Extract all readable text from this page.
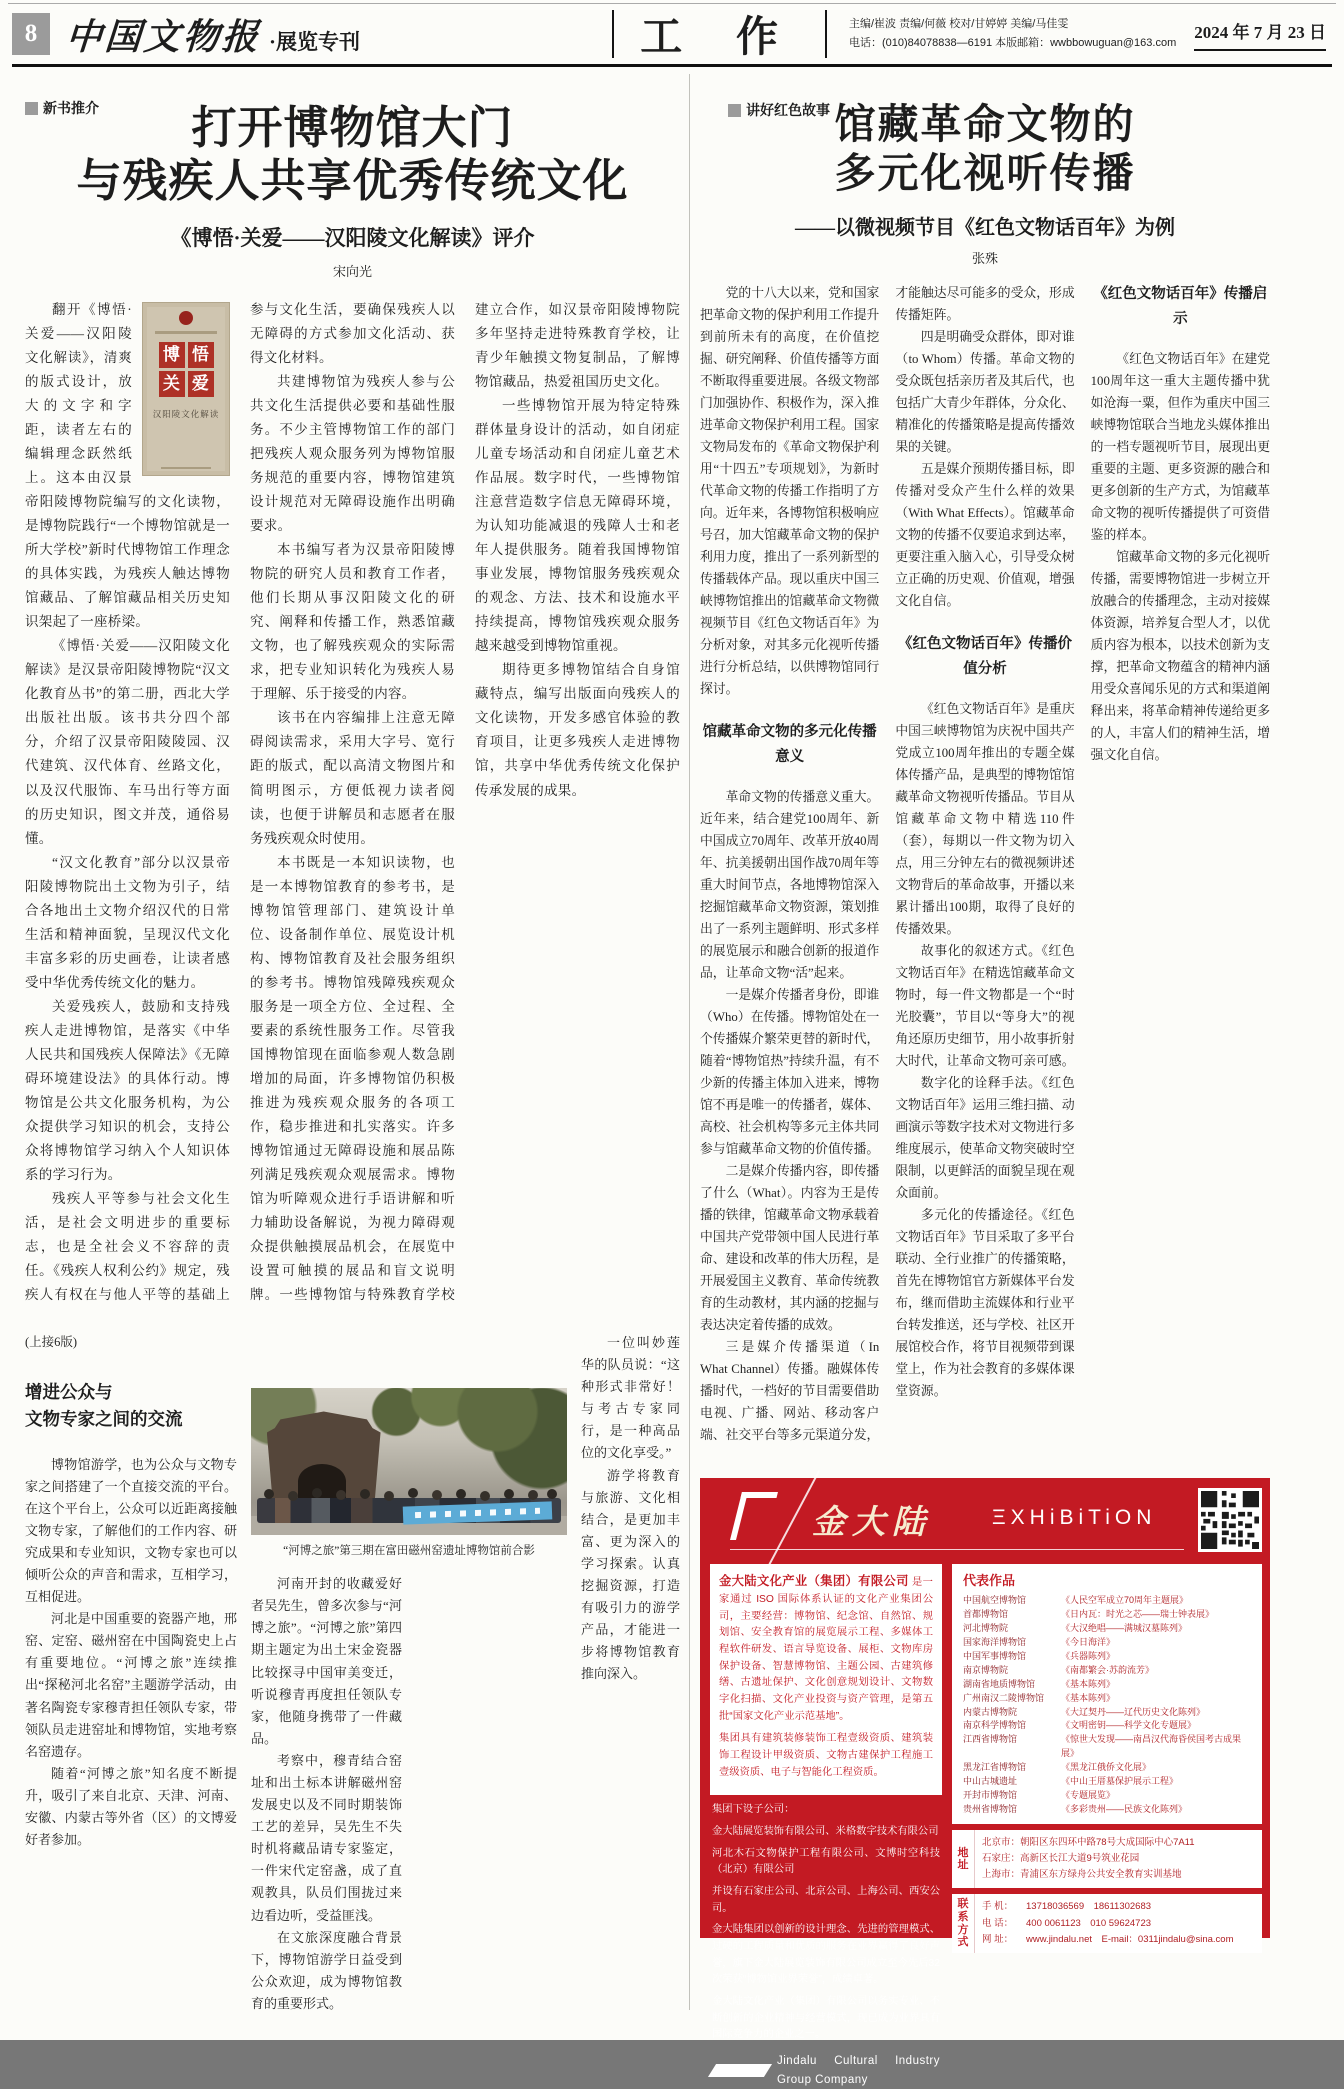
8 中国文物报 ·展览专刊	工 作	主编/崔波 责编/何薇 校对/甘婷婷 美编/马佳雯
电话：(010)84078838—6191 本版邮箱：wwbbowuguan@163.com
2024 年 7 月 23 日
新书推介	打开博物馆大门
与残疾人共享优秀传统文化
《博悟·关爱——汉阳陵文化解读》评介
宋向光
博 悟
关 爱
汉阳陵文化解读

翻开《博悟·关爱——汉阳陵文化解读》，清爽的版式设计，放大的文字和字距，读者左右的编辑理念跃然纸上。这本由汉景帝阳陵博物院编写的文化读物，是博物院践行“一个博物馆就是一所大学校”新时代博物馆工作理念的具体实践，为残疾人触达博物馆藏品、了解馆藏品相关历史知识架起了一座桥梁。

《博悟·关爱——汉阳陵文化解读》是汉景帝阳陵博物院“汉文化教育丛书”的第二册，西北大学出版社出版。该书共分四个部分，介绍了汉景帝阳陵陵园、汉代建筑、汉代体育、丝路文化，以及汉代服饰、车马出行等方面的历史知识，图文并茂，通俗易懂。

“汉文化教育”部分以汉景帝阳陵博物院出土文物为引子，结合各地出土文物介绍汉代的日常生活和精神面貌，呈现汉代文化丰富多彩的历史画卷，让读者感受中华优秀传统文化的魅力。

关爱残疾人，鼓励和支持残疾人走进博物馆，是落实《中华人民共和国残疾人保障法》《无障碍环境建设法》的具体行动。博物馆是公共文化服务机构，为公众提供学习知识的机会，支持公众将博物馆学习纳入个人知识体系的学习行为。

残疾人平等参与社会文化生活，是社会文明进步的重要标志，也是全社会义不容辞的责任。《残疾人权利公约》规定，残疾人有权在与他人平等的基础上参与文化生活，要确保残疾人以无障碍的方式参加文化活动、获得文化材料。

共建博物馆为残疾人参与公共文化生活提供必要和基础性服务。不少主管博物馆工作的部门把残疾人观众服务列为博物馆服务规范的重要内容，博物馆建筑设计规范对无障碍设施作出明确要求。

本书编写者为汉景帝阳陵博物院的研究人员和教育工作者，他们长期从事汉阳陵文化的研究、阐释和传播工作，熟悉馆藏文物，也了解残疾观众的实际需求，把专业知识转化为残疾人易于理解、乐于接受的内容。

该书在内容编排上注意无障碍阅读需求，采用大字号、宽行距的版式，配以高清文物图片和简明图示，方便低视力读者阅读，也便于讲解员和志愿者在服务残疾观众时使用。

本书既是一本知识读物，也是一本博物馆教育的参考书，是博物馆管理部门、建筑设计单位、设备制作单位、展览设计机构、博物馆教育及社会服务组织的参考书。博物馆残障残疾观众服务是一项全方位、全过程、全要素的系统性服务工作。尽管我国博物馆现在面临参观人数急剧增加的局面，许多博物馆仍积极推进为残疾观众服务的各项工作，稳步推进和扎实落实。许多博物馆通过无障碍设施和展品陈列满足残疾观众观展需求。博物馆为听障观众进行手语讲解和听力辅助设备解说，为视力障碍观众提供触摸展品机会，在展览中设置可触摸的展品和盲文说明牌。一些博物馆与特殊教育学校建立合作，如汉景帝阳陵博物院多年坚持走进特殊教育学校，让青少年触摸文物复制品，了解博物馆藏品，热爱祖国历史文化。

一些博物馆开展为特定特殊群体量身设计的活动，如自闭症儿童专场活动和自闭症儿童艺术作品展。数字时代，一些博物馆注意营造数字信息无障碍环境，为认知功能减退的残障人士和老年人提供服务。随着我国博物馆事业发展，博物馆服务残疾观众的观念、方法、技术和设施水平持续提高，博物馆残疾观众服务越来越受到博物馆重视。

期待更多博物馆结合自身馆藏特点，编写出版面向残疾人的文化读物，开发多感官体验的教育项目，让更多残疾人走进博物馆，共享中华优秀传统文化保护传承发展的成果。

(上接6版)
增进公众与
文物专家之间的交流

博物馆游学，也为公众与文物专家之间搭建了一个直接交流的平台。在这个平台上，公众可以近距离接触文物专家，了解他们的工作内容、研究成果和专业知识，文物专家也可以倾听公众的声音和需求，互相学习，互相促进。

河北是中国重要的瓷器产地，邢窑、定窑、磁州窑在中国陶瓷史上占有重要地位。“河博之旅”连续推出“探秘河北名窑”主题游学活动，由著名陶瓷专家穆青担任领队专家，带领队员走进窑址和博物馆，实地考察名窑遗存。

随着“河博之旅”知名度不断提升，吸引了来自北京、天津、河南、安徽、内蒙古等外省（区）的文博爱好者参加。

“河博之旅”第三期在富田磁州窑遗址博物馆前合影

河南开封的收藏爱好者吴先生，曾多次参与“河博之旅”。“河博之旅”第四期主题定为出土宋金瓷器比较探寻中国审美变迁，听说穆青再度担任领队专家，他随身携带了一件藏品。

考察中，穆青结合窑址和出土标本讲解磁州窑发展史以及不同时期装饰工艺的差异，吴先生不失时机将藏品请专家鉴定，一件宋代定窑盏，成了直观教具，队员们围拢过来边看边听，受益匪浅。

在文旅深度融合背景下，博物馆游学日益受到公众欢迎，成为博物馆教育的重要形式。

一位叫妙莲华的队员说：“这种形式非常好！与考古专家同行，是一种高品位的文化享受。”

游学将教育与旅游、文化相结合，是更加丰富、更为深入的学习探索。认真挖掘资源，打造有吸引力的游学产品，才能进一步将博物馆教育推向深入。

讲好红色故事 馆藏革命文物的
多元化视听传播
——以微视频节目《红色文物话百年》为例
张殊

党的十八大以来，党和国家把革命文物的保护利用工作提升到前所未有的高度，在价值挖掘、研究阐释、价值传播等方面不断取得重要进展。各级文物部门加强协作、积极作为，深入推进革命文物保护利用工程。国家文物局发布的《革命文物保护利用“十四五”专项规划》，为新时代革命文物的传播工作指明了方向。近年来，各博物馆积极响应号召，加大馆藏革命文物的保护利用力度，推出了一系列新型的传播载体产品。现以重庆中国三峡博物馆推出的馆藏革命文物微视频节目《红色文物话百年》为分析对象，对其多元化视听传播进行分析总结，以供博物馆同行探讨。

馆藏革命文物的多元化传播意义

革命文物的传播意义重大。近年来，结合建党100周年、新中国成立70周年、改革开放40周年、抗美援朝出国作战70周年等重大时间节点，各地博物馆深入挖掘馆藏革命文物资源，策划推出了一系列主题鲜明、形式多样的展览展示和融合创新的报道作品，让革命文物“活”起来。

一是媒介传播者身份，即谁（Who）在传播。博物馆处在一个传播媒介繁荣更替的新时代，随着“博物馆热”持续升温，有不少新的传播主体加入进来，博物馆不再是唯一的传播者，媒体、高校、社会机构等多元主体共同参与馆藏革命文物的价值传播。

二是媒介传播内容，即传播了什么（What）。内容为王是传播的铁律，馆藏革命文物承载着中国共产党带领中国人民进行革命、建设和改革的伟大历程，是开展爱国主义教育、革命传统教育的生动教材，其内涵的挖掘与表达决定着传播的成效。

三是媒介传播渠道（In What Channel）传播。融媒体传播时代，一档好的节目需要借助电视、广播、网站、移动客户端、社交平台等多元渠道分发，才能触达尽可能多的受众，形成传播矩阵。

四是明确受众群体，即对谁（to Whom）传播。革命文物的受众既包括亲历者及其后代，也包括广大青少年群体，分众化、精准化的传播策略是提高传播效果的关键。

五是媒介预期传播目标，即传播对受众产生什么样的效果（With What Effects）。馆藏革命文物的传播不仅要追求到达率，更要注重入脑入心，引导受众树立正确的历史观、价值观，增强文化自信。

《红色文物话百年》传播价值分析

《红色文物话百年》是重庆中国三峡博物馆为庆祝中国共产党成立100周年推出的专题全媒体传播产品，是典型的博物馆馆藏革命文物视听传播品。节目从馆藏革命文物中精选110件（套），每期以一件文物为切入点，用三分钟左右的微视频讲述文物背后的革命故事，开播以来累计播出100期，取得了良好的传播效果。

故事化的叙述方式。《红色文物话百年》在精选馆藏革命文物时，每一件文物都是一个“时光胶囊”，节目以“等身大”的视角还原历史细节，用小故事折射大时代，让革命文物可亲可感。

数字化的诠释手法。《红色文物话百年》运用三维扫描、动画演示等数字技术对文物进行多维度展示，使革命文物突破时空限制，以更鲜活的面貌呈现在观众面前。

多元化的传播途径。《红色文物话百年》节目采取了多平台联动、全行业推广的传播策略，首先在博物馆官方新媒体平台发布，继而借助主流媒体和行业平台转发推送，还与学校、社区开展馆校合作，将节目视频带到课堂上，作为社会教育的多媒体课堂资源。

《红色文物话百年》传播启示

《红色文物话百年》在建党100周年这一重大主题传播中犹如沧海一粟，但作为重庆中国三峡博物馆联合当地龙头媒体推出的一档专题视听节目，展现出更重要的主题、更多资源的融合和更多创新的生产方式，为馆藏革命文物的视听传播提供了可资借鉴的样本。

馆藏革命文物的多元化视听传播，需要博物馆进一步树立开放融合的传播理念，主动对接媒体资源，培养复合型人才，以优质内容为根本，以技术创新为支撑，把革命文物蕴含的精神内涵用受众喜闻乐见的方式和渠道阐释出来，将革命精神传递给更多的人，丰富人们的精神生活，增强文化自信。

金大陆	ΞXHiBiTiON

金大陆文化产业（集团）有限公司 是一家通过 ISO 国际体系认证的文化产业集团公司，主要经营：博物馆、纪念馆、自然馆、规划馆、安全教育馆的展览展示工程、多媒体工程软件研发、语言导览设备、展柜、文物库房保护设备、智慧博物馆、主题公园、古建筑修缮、古遗址保护、文化创意规划设计、文物数字化扫描、文化产业投资与资产管理，是第五批“国家文化产业示范基地”。

集团具有建筑装修装饰工程壹级资质、建筑装饰工程设计甲级资质、文物古建保护工程施工壹级资质、电子与智能化工程资质。

集团下设子公司：

金大陆展览装饰有限公司、米格数字技术有限公司

河北木石文物保护工程有限公司、文博时空科技（北京）有限公司

并设有石家庄公司、北京公司、上海公司、西安公司。

金大陆集团以创新的设计理念、先进的管理模式、过硬的工程质量和优质的服务在业界赢得了良好声誉，旗下金大陆展览装饰有限公司成立至今先后32次荣获“博物馆业界荣誉”，成绩卓著。

金大陆文化产业（集团）有限公司以务实专业、不断创新的企业精神与经营模式，现已成为业界具有国际竞争力的企业之一。

Jindalu Cultural Industry Group Company
代表作品
中国航空博物馆	《人民空军成立70周年主题展》
首都博物馆	《日内瓦：时光之芯——瑞士钟表展》
河北博物院	《大汉绝唱——满城汉墓陈列》
国家海洋博物馆	《今日海洋》
中国军事博物馆	《兵器陈列》
南京博物院	《南都繁会·苏韵流芳》
湖南省地质博物馆	《基本陈列》
广州南汉二陵博物馆	《基本陈列》
内蒙古博物院	《大辽契丹——辽代历史文化陈列》
南京科学博物馆	《文明密钥——科学文化专题展》
江西省博物馆	《惊世大发现——南昌汉代海昏侯国考古成果展》
黑龙江省博物馆	《黑龙江俄侨文化展》
中山古城遗址	《中山王厝墓保护展示工程》
开封市博物馆	《专题展览》
贵州省博物馆	《多彩贵州——民族文化陈列》
地址
北京市：朝阳区东四环中路78号大成国际中心7A11
石家庄：高新区长江大道9号筑业花园
上海市：青浦区东方绿舟公共安全教育实训基地
联系方式
手 机：	13718036569　18611302683
电 话：	400 0061123　010 59624723
网 址：	www.jindalu.net　E-mail：0311jindalu@sina.com
